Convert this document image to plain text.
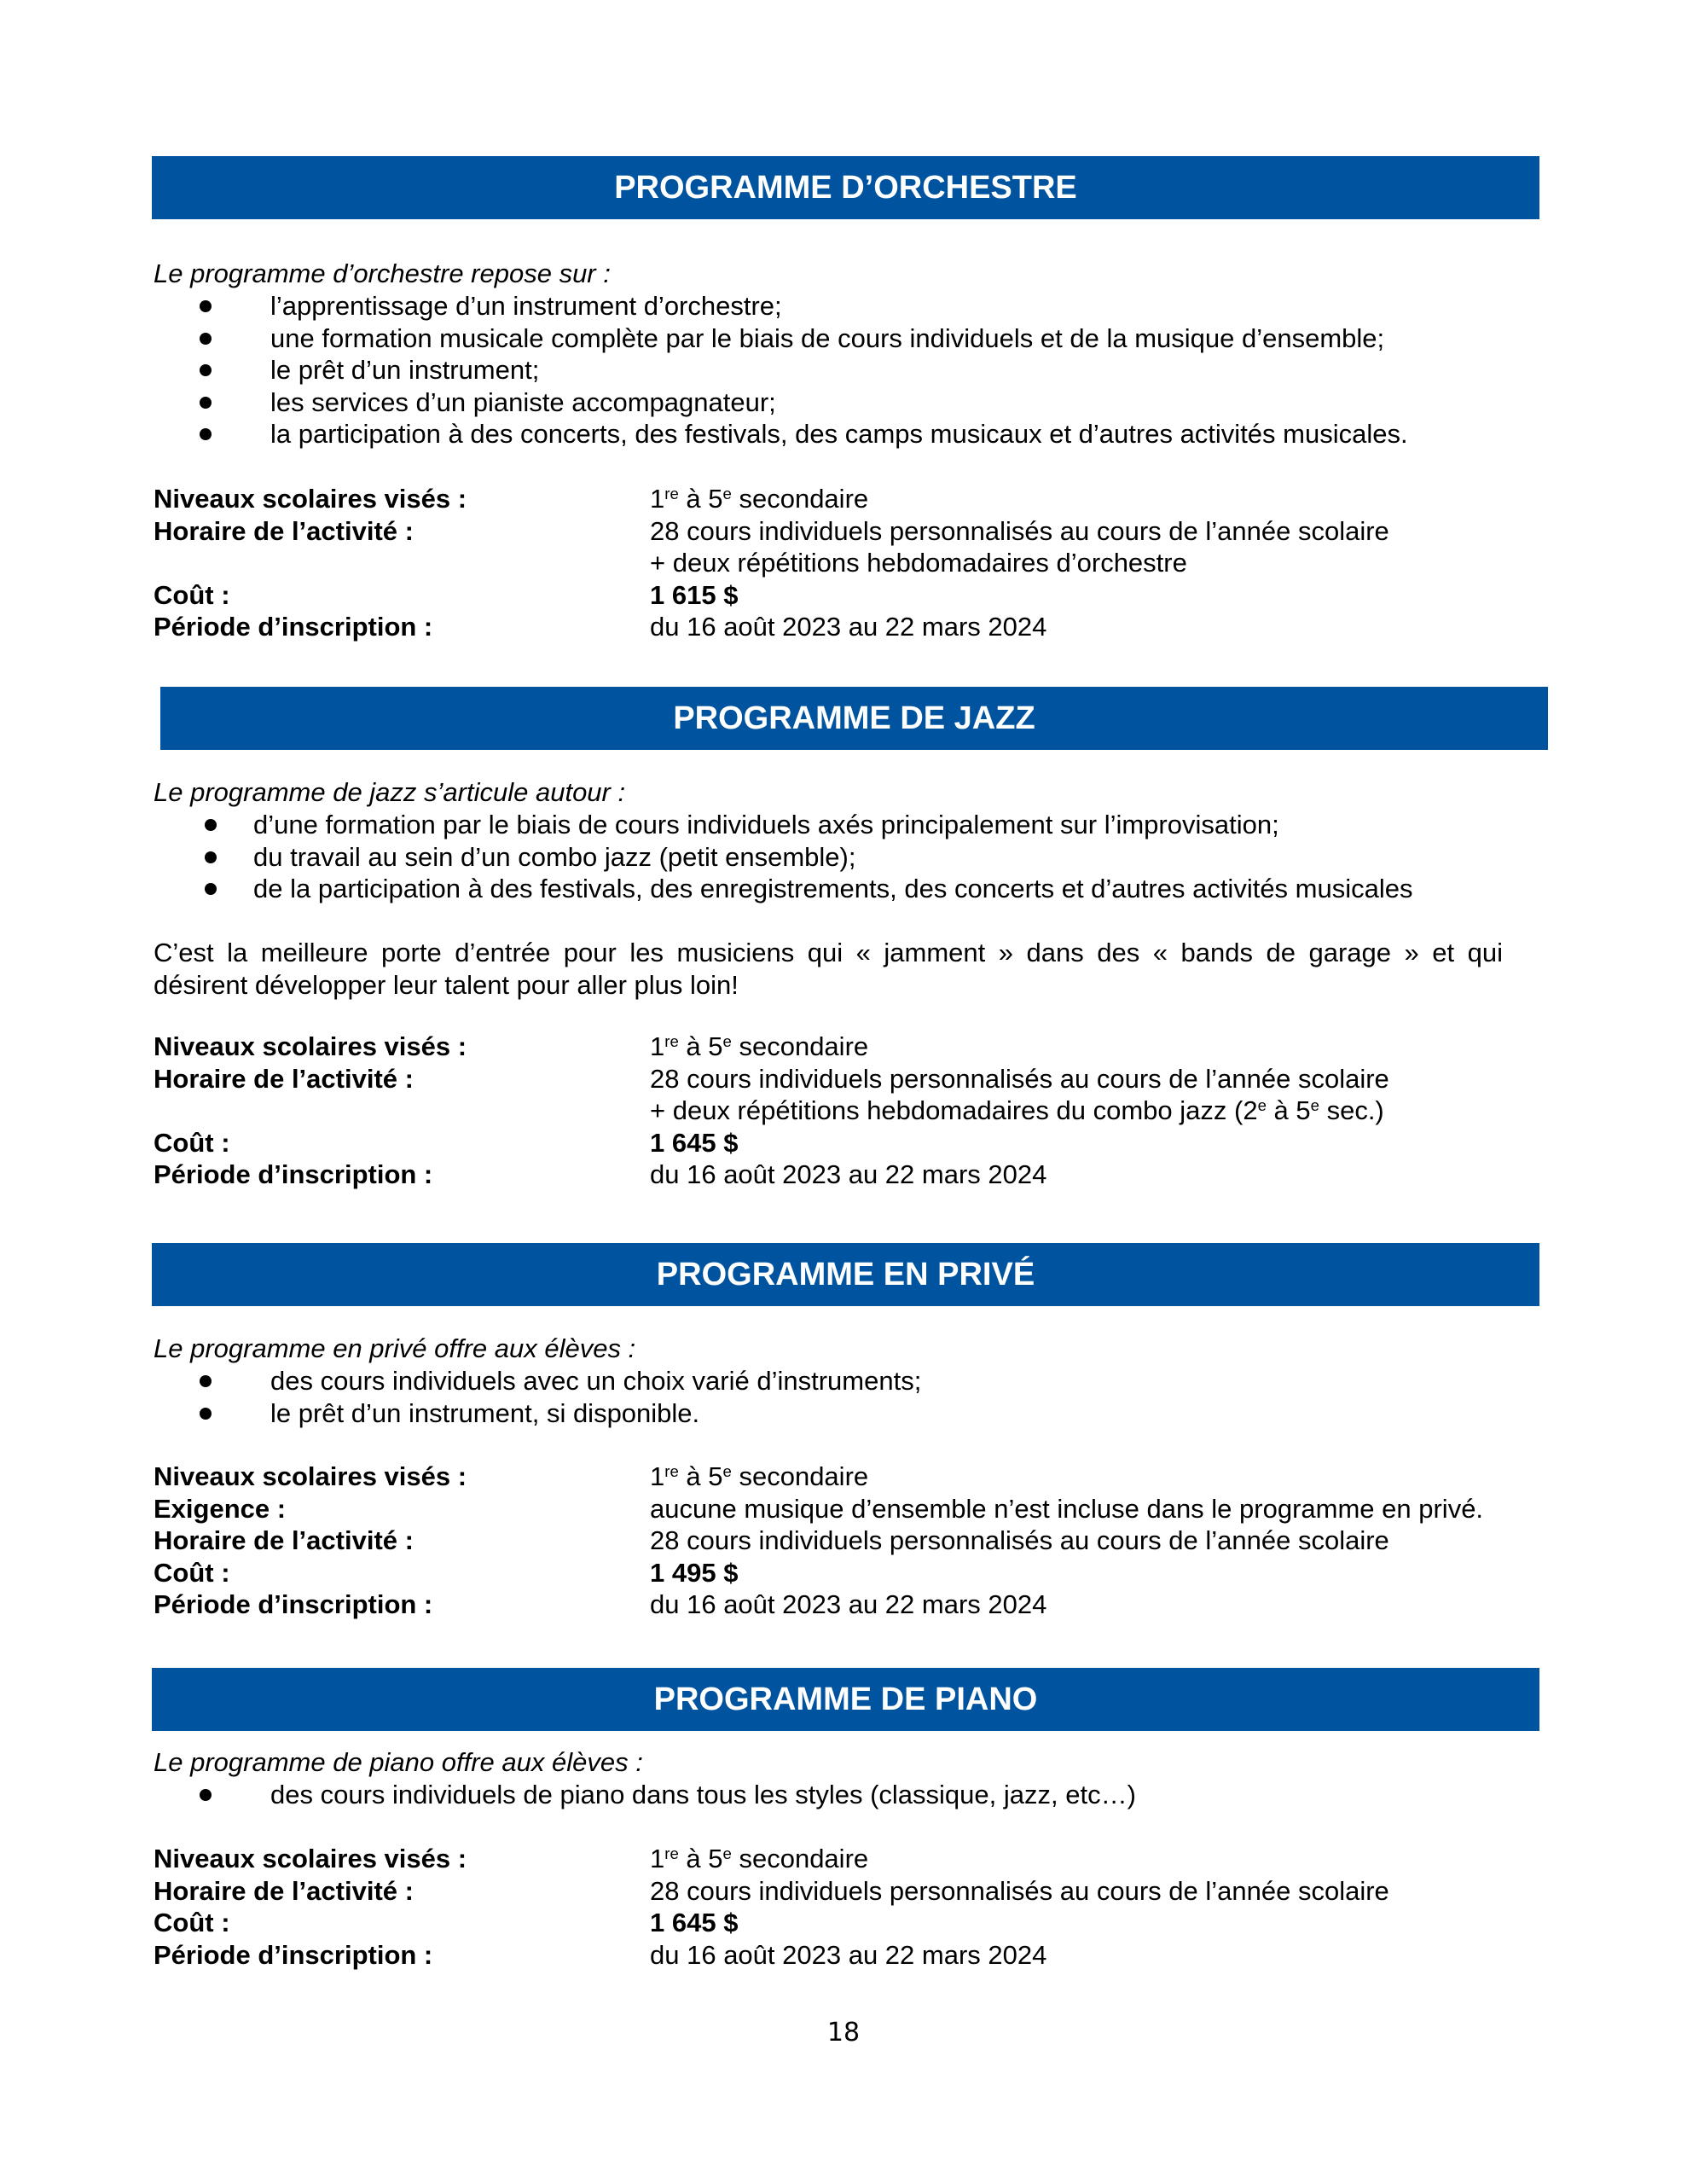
PROGRAMME D’ORCHESTRE
Le programme d’orchestre repose sur :
l’apprentissage d’un instrument d’orchestre;
une formation musicale complète par le biais de cours individuels et de la musique d’ensemble;
le prêt d’un instrument;
les services d’un pianiste accompagnateur;
la participation à des concerts, des festivals, des camps musicaux et d’autres activités musicales.
Niveaux scolaires visés :	1re à 5e secondaire
Horaire de l’activité :	28 cours individuels personnalisés au cours de l’année scolaire
+ deux répétitions hebdomadaires d’orchestre
Coût :	1 615 $
Période d’inscription :	du 16 août 2023 au 22 mars 2024
PROGRAMME DE JAZZ
Le programme de jazz s’articule autour :
d’une formation par le biais de cours individuels axés principalement sur l’improvisation;
du travail au sein d’un combo jazz (petit ensemble);
de la participation à des festivals, des enregistrements, des concerts et d’autres activités musicales
C’est la meilleure porte d’entrée pour les musiciens qui « jamment » dans des « bands de garage » et qui
désirent développer leur talent pour aller plus loin!
Niveaux scolaires visés :	1re à 5e secondaire
Horaire de l’activité :	28 cours individuels personnalisés au cours de l’année scolaire
+ deux répétitions hebdomadaires du combo jazz (2e à 5e sec.)
Coût :	1 645 $
Période d’inscription :	du 16 août 2023 au 22 mars 2024
PROGRAMME EN PRIVÉ
Le programme en privé offre aux élèves :
des cours individuels avec un choix varié d’instruments;
le prêt d’un instrument, si disponible.
Niveaux scolaires visés :	1re à 5e secondaire
Exigence :	aucune musique d’ensemble n’est incluse dans le programme en privé.
Horaire de l’activité :	28 cours individuels personnalisés au cours de l’année scolaire
Coût :	1 495 $
Période d’inscription :	du 16 août 2023 au 22 mars 2024
PROGRAMME DE PIANO
Le programme de piano offre aux élèves :
des cours individuels de piano dans tous les styles (classique, jazz, etc…)
Niveaux scolaires visés :	1re à 5e secondaire
Horaire de l’activité :	28 cours individuels personnalisés au cours de l’année scolaire
Coût :	1 645 $
Période d’inscription :	du 16 août 2023 au 22 mars 2024
18
